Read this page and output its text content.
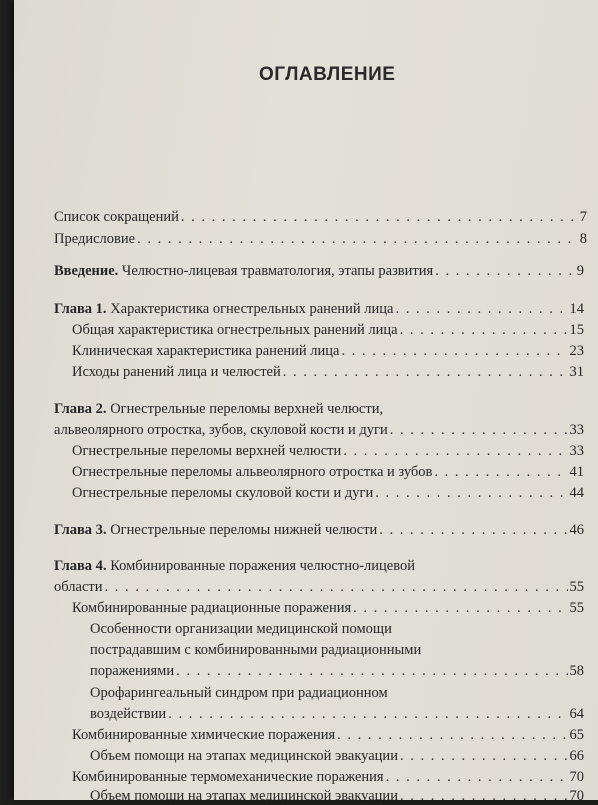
ОГЛАВЛЕНИЕ
Список сокращений . . .	7
Предисловие . . .	8
Введение. Челюстно-лицевая травматология, этапы развития . . .	9
Глава 1. Характеристика огнестрельных ранений лица . . .	14
Общая характеристика огнестрельных ранений лица . . .	15
Клиническая характеристика ранений лица . . .	23
Исходы ранений лица и челюстей . . .	31
Глава 2. Огнестрельные переломы верхней челюсти,
альвеолярного отростка, зубов, скуловой кости и дуги . . .	33
Огнестрельные переломы верхней челюсти . . .	33
Огнестрельные переломы альвеолярного отростка и зубов . . .	41
Огнестрельные переломы скуловой кости и дуги . . .	44
Глава 3. Огнестрельные переломы нижней челюсти . . .	46
Глава 4. Комбинированные поражения челюстно-лицевой
области . . .	55
Комбинированные радиационные поражения . . .	55
Особенности организации медицинской помощи
пострадавшим с комбинированными радиационными
поражениями . . .	58
Орофарингеальный синдром при радиационном
воздействии . . .	64
Комбинированные химические поражения . . .	65
Объем помощи на этапах медицинской эвакуации . . .	66
Комбинированные термомеханические поражения . . .	70
Объем помощи на этапах медицинской эвакуации . . .	70
